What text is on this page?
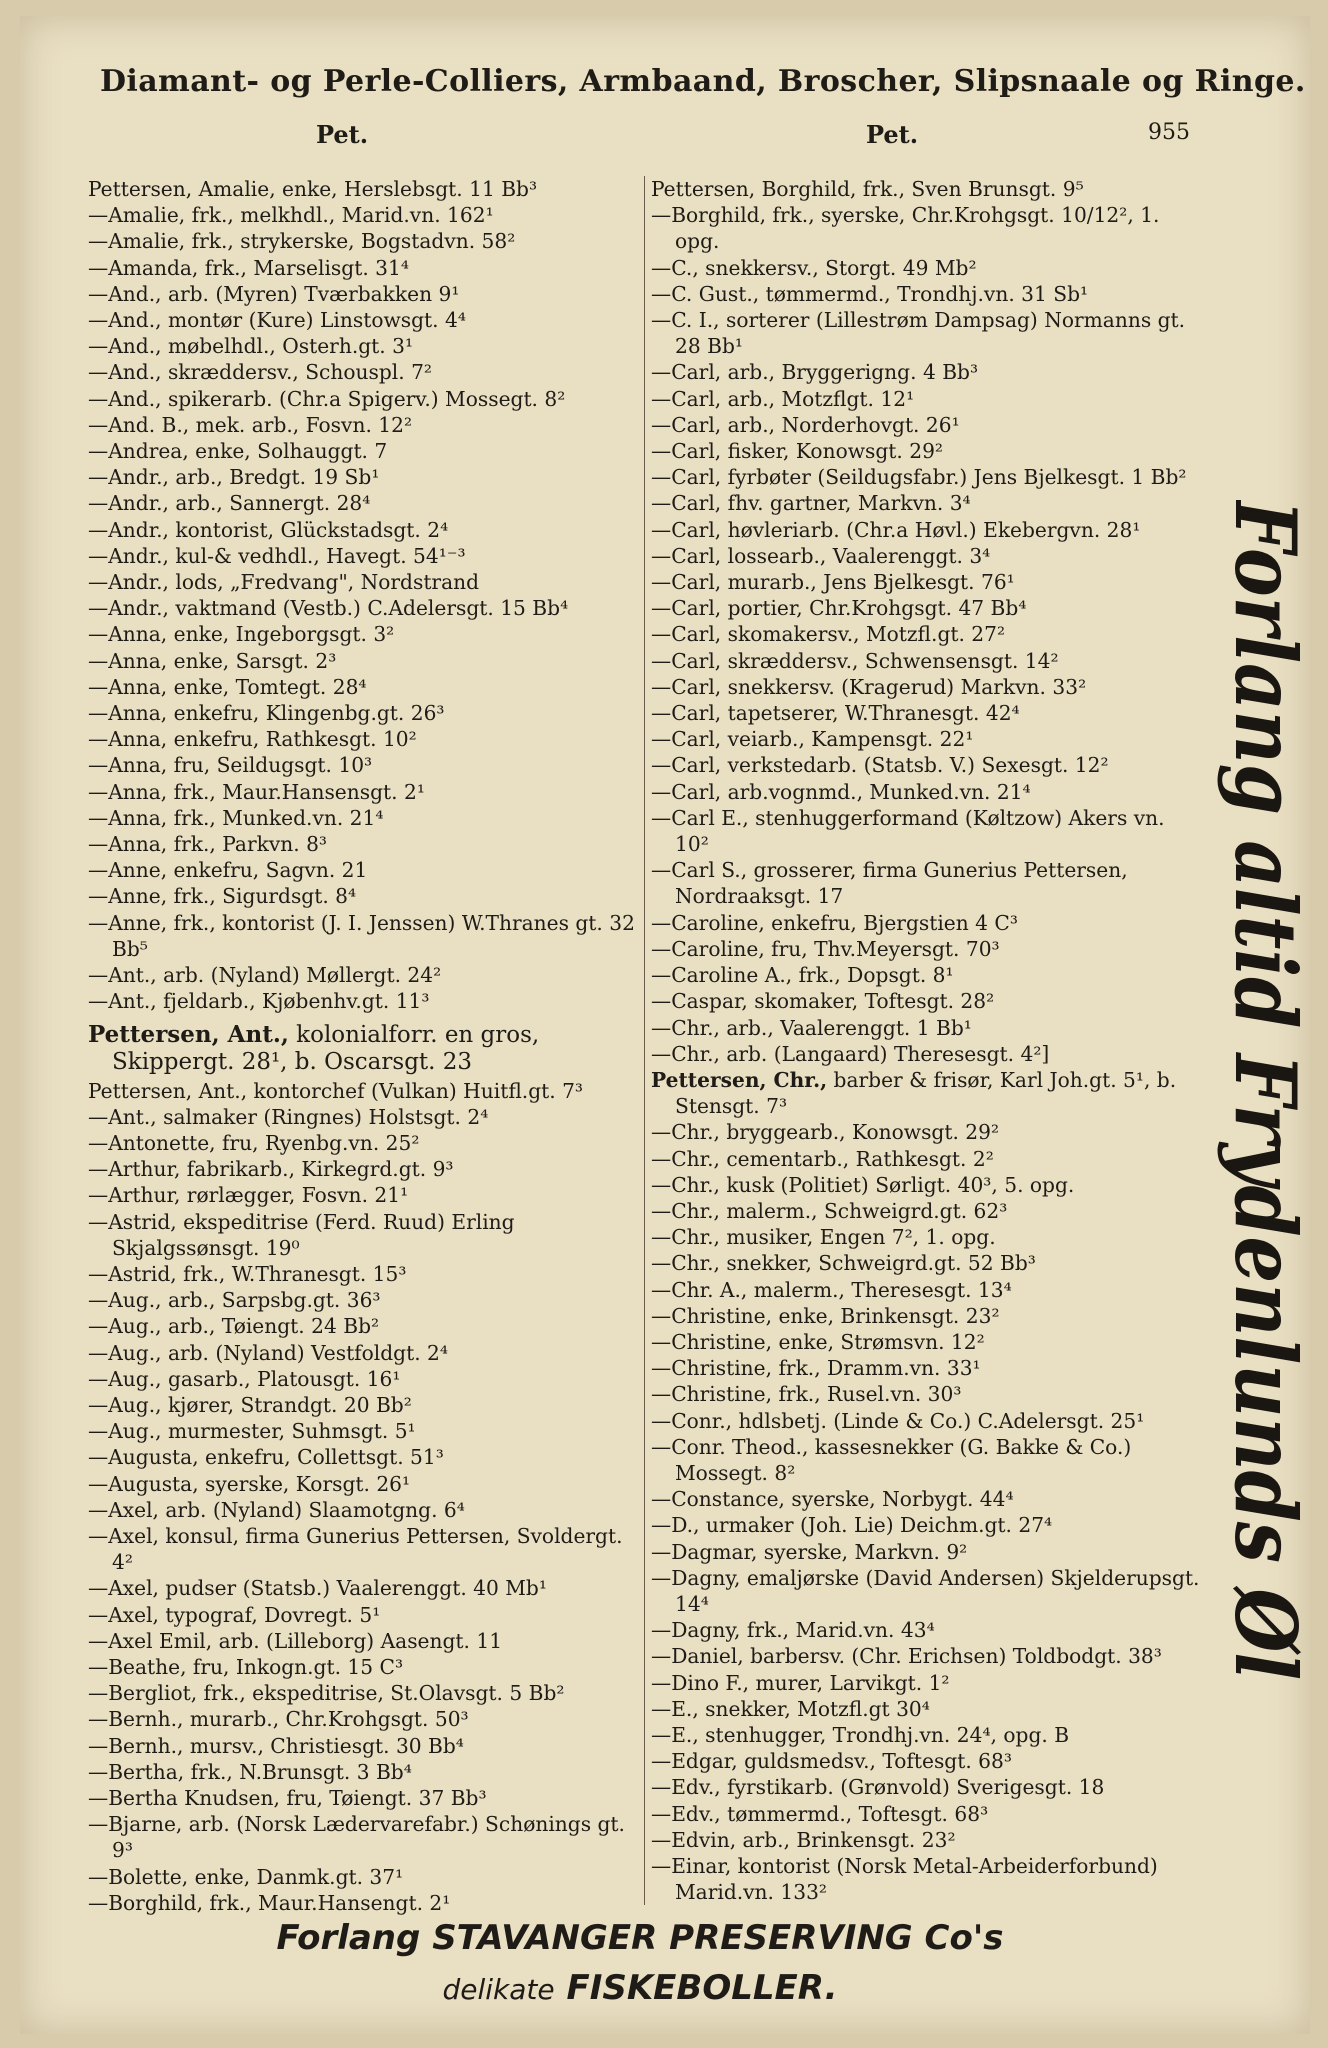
Diamant- og Perle-Colliers, Armbaand, Broscher, Slipsnaale og Ringe.
Pet.	Pet.	955

Pettersen, Amalie, enke, Herslebsgt. 11 Bb³

—Amalie, frk., melkhdl., Marid.vn. 162¹

—Amalie, frk., strykerske, Bogstadvn. 58²

—Amanda, frk., Marselisgt. 31⁴

—And., arb. (Myren) Tværbakken 9¹

—And., montør (Kure) Linstowsgt. 4⁴

—And., møbelhdl., Osterh.gt. 3¹

—And., skræddersv., Schouspl. 7²

—And., spikerarb. (Chr.a Spigerv.) Mossegt. 8²

—And. B., mek. arb., Fosvn. 12²

—Andrea, enke, Solhauggt. 7

—Andr., arb., Bredgt. 19 Sb¹

—Andr., arb., Sannergt. 28⁴

—Andr., kontorist, Glückstadsgt. 2⁴

—Andr., kul-& vedhdl., Havegt. 54¹⁻³

—Andr., lods, „Fredvang", Nordstrand

—Andr., vaktmand (Vestb.) C.Adelersgt. 15 Bb⁴

—Anna, enke, Ingeborgsgt. 3²

—Anna, enke, Sarsgt. 2³

—Anna, enke, Tomtegt. 28⁴

—Anna, enkefru, Klingenbg.gt. 26³

—Anna, enkefru, Rathkesgt. 10²

—Anna, fru, Seildugsgt. 10³

—Anna, frk., Maur.Hansensgt. 2¹

—Anna, frk., Munked.vn. 21⁴

—Anna, frk., Parkvn. 8³

—Anne, enkefru, Sagvn. 21

—Anne, frk., Sigurdsgt. 8⁴

—Anne, frk., kontorist (J. I. Jenssen) W.Thranes gt. 32 Bb⁵

—Ant., arb. (Nyland) Møllergt. 24²

—Ant., fjeldarb., Kjøbenhv.gt. 11³

Pettersen, Ant., kolonialforr. en gros, Skippergt. 28¹, b. Oscarsgt. 23

Pettersen, Ant., kontorchef (Vulkan) Huitfl.gt. 7³

—Ant., salmaker (Ringnes) Holstsgt. 2⁴

—Antonette, fru, Ryenbg.vn. 25²

—Arthur, fabrikarb., Kirkegrd.gt. 9³

—Arthur, rørlægger, Fosvn. 21¹

—Astrid, ekspeditrise (Ferd. Ruud) Erling Skjalgssønsgt. 19⁰

—Astrid, frk., W.Thranesgt. 15³

—Aug., arb., Sarpsbg.gt. 36³

—Aug., arb., Tøiengt. 24 Bb²

—Aug., arb. (Nyland) Vestfoldgt. 2⁴

—Aug., gasarb., Platousgt. 16¹

—Aug., kjører, Strandgt. 20 Bb²

—Aug., murmester, Suhmsgt. 5¹

—Augusta, enkefru, Collettsgt. 51³

—Augusta, syerske, Korsgt. 26¹

—Axel, arb. (Nyland) Slaamotgng. 6⁴

—Axel, konsul, firma Gunerius Pettersen, Svoldergt. 4²

—Axel, pudser (Statsb.) Vaalerenggt. 40 Mb¹

—Axel, typograf, Dovregt. 5¹

—Axel Emil, arb. (Lilleborg) Aasengt. 11

—Beathe, fru, Inkogn.gt. 15 C³

—Bergliot, frk., ekspeditrise, St.Olavsgt. 5 Bb²

—Bernh., murarb., Chr.Krohgsgt. 50³

—Bernh., mursv., Christiesgt. 30 Bb⁴

—Bertha, frk., N.Brunsgt. 3 Bb⁴

—Bertha Knudsen, fru, Tøiengt. 37 Bb³

—Bjarne, arb. (Norsk Lædervarefabr.) Schønings gt. 9³

—Bolette, enke, Danmk.gt. 37¹

—Borghild, frk., Maur.Hansengt. 2¹

Pettersen, Borghild, frk., Sven Brunsgt. 9⁵

—Borghild, frk., syerske, Chr.Krohgsgt. 10/12², 1. opg.

—C., snekkersv., Storgt. 49 Mb²

—C. Gust., tømmermd., Trondhj.vn. 31 Sb¹

—C. I., sorterer (Lillestrøm Dampsag) Normanns gt. 28 Bb¹

—Carl, arb., Bryggerigng. 4 Bb³

—Carl, arb., Motzflgt. 12¹

—Carl, arb., Norderhovgt. 26¹

—Carl, fisker, Konowsgt. 29²

—Carl, fyrbøter (Seildugsfabr.) Jens Bjelkesgt. 1 Bb²

—Carl, fhv. gartner, Markvn. 3⁴

—Carl, høvleriarb. (Chr.a Høvl.) Ekebergvn. 28¹

—Carl, lossearb., Vaalerenggt. 3⁴

—Carl, murarb., Jens Bjelkesgt. 76¹

—Carl, portier, Chr.Krohgsgt. 47 Bb⁴

—Carl, skomakersv., Motzfl.gt. 27²

—Carl, skræddersv., Schwensensgt. 14²

—Carl, snekkersv. (Kragerud) Markvn. 33²

—Carl, tapetserer, W.Thranesgt. 42⁴

—Carl, veiarb., Kampensgt. 22¹

—Carl, verkstedarb. (Statsb. V.) Sexesgt. 12²

—Carl, arb.vognmd., Munked.vn. 21⁴

—Carl E., stenhuggerformand (Køltzow) Akers vn. 10²

—Carl S., grosserer, firma Gunerius Pettersen, Nordraaksgt. 17

—Caroline, enkefru, Bjergstien 4 C³

—Caroline, fru, Thv.Meyersgt. 70³

—Caroline A., frk., Dopsgt. 8¹

—Caspar, skomaker, Toftesgt. 28²

—Chr., arb., Vaalerenggt. 1 Bb¹

—Chr., arb. (Langaard) Theresesgt. 4²]

Pettersen, Chr., barber & frisør, Karl Joh.gt. 5¹, b. Stensgt. 7³

—Chr., bryggearb., Konowsgt. 29²

—Chr., cementarb., Rathkesgt. 2²

—Chr., kusk (Politiet) Sørligt. 40³, 5. opg.

—Chr., malerm., Schweigrd.gt. 62³

—Chr., musiker, Engen 7², 1. opg.

—Chr., snekker, Schweigrd.gt. 52 Bb³

—Chr. A., malerm., Theresesgt. 13⁴

—Christine, enke, Brinkensgt. 23²

—Christine, enke, Strømsvn. 12²

—Christine, frk., Dramm.vn. 33¹

—Christine, frk., Rusel.vn. 30³

—Conr., hdlsbetj. (Linde & Co.) C.Adelersgt. 25¹

—Conr. Theod., kassesnekker (G. Bakke & Co.) Mossegt. 8²

—Constance, syerske, Norbygt. 44⁴

—D., urmaker (Joh. Lie) Deichm.gt. 27⁴

—Dagmar, syerske, Markvn. 9²

—Dagny, emaljørske (David Andersen) Skjelderupsgt. 14⁴

—Dagny, frk., Marid.vn. 43⁴

—Daniel, barbersv. (Chr. Erichsen) Toldbodgt. 38³

—Dino F., murer, Larvikgt. 1²

—E., snekker, Motzfl.gt 30⁴

—E., stenhugger, Trondhj.vn. 24⁴, opg. B

—Edgar, guldsmedsv., Toftesgt. 68³

—Edv., fyrstikarb. (Grønvold) Sverigesgt. 18

—Edv., tømmermd., Toftesgt. 68³

—Edvin, arb., Brinkensgt. 23²

—Einar, kontorist (Norsk Metal-Arbeiderforbund) Marid.vn. 133²

Forlang altid Frydenlunds Øl
Forlang STAVANGER PRESERVING Co's
delikate FISKEBOLLER.
